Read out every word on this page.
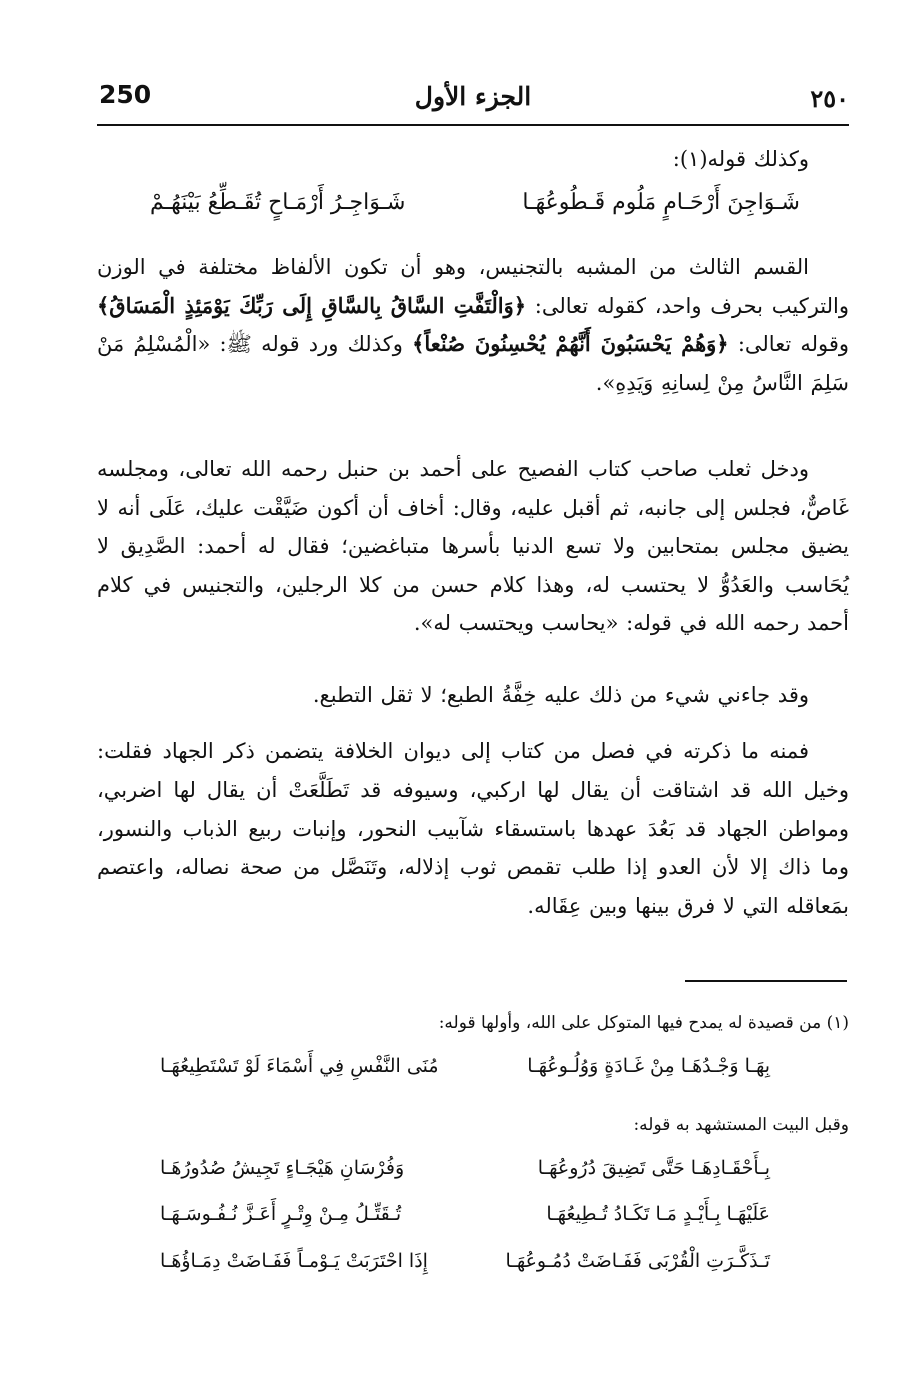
250	الجزء الأول	٢٥٠
وكذلك قوله(١):
شَـوَاجِـرُ أَرْمَـاحٍ تُقَـطِّعُ بَيْنَهُـمْ	شَـوَاجِنَ أَرْحَـامٍ مَلُوم قَـطُوعُهَـا
القسم الثالث من المشبه بالتجنيس، وهو أن تكون الألفاظ مختلفة في الوزن والتركيب بحرف واحد، كقوله تعالى: ﴿وَالْتَفَّتِ السَّاقُ بِالسَّاقِ إِلَى رَبِّكَ يَوْمَئِذٍ الْمَسَاقُ﴾ وقوله تعالى: ﴿وَهُمْ يَحْسَبُونَ أَنَّهُمْ يُحْسِنُونَ صُنْعاً﴾ وكذلك ورد قوله ﷺ: «الْمُسْلِمُ مَنْ سَلِمَ النَّاسُ مِنْ لِسانِهِ وَيَدِهِ».
ودخل ثعلب صاحب كتاب الفصيح على أحمد بن حنبل رحمه الله تعالى، ومجلسه غَاصٌّ، فجلس إلى جانبه، ثم أقبل عليه، وقال: أخاف أن أكون ضَيَّقْت عليك، عَلَى أنه لا يضيق مجلس بمتحابين ولا تسع الدنيا بأسرها متباغضين؛ فقال له أحمد: الصَّدِيق لا يُحَاسب والعَدُوُّ لا يحتسب له، وهذا كلام حسن من كلا الرجلين، والتجنيس في كلام أحمد رحمه الله في قوله: «يحاسب ويحتسب له».
وقد جاءني شيء من ذلك عليه خِفَّةُ الطبع؛ لا ثقل التطبع.
فمنه ما ذكرته في فصل من كتاب إلى ديوان الخلافة يتضمن ذكر الجهاد فقلت: وخيل الله قد اشتاقت أن يقال لها اركبي، وسيوفه قد تَطَلَّعَتْ أن يقال لها اضربي، ومواطن الجهاد قد بَعُدَ عهدها باستسقاء شآبيب النحور، وإنبات ربيع الذباب والنسور، وما ذاك إلا لأن العدو إذا طلب تقمص ثوب إذلاله، وتَنَصَّل من صحة نصاله، واعتصم بمَعاقله التي لا فرق بينها وبين عِقَاله.
(١) من قصيدة له يمدح فيها المتوكل على الله، وأولها قوله:
مُنَى النَّفْسِ فِي أَسْمَاءَ لَوْ تَسْتَطِيعُهَـا	بِهَـا وَجْـدُهَـا مِنْ غَـادَةٍ وَوُلُـوعُهَـا
وقبل البيت المستشهد به قوله:
وَفُرْسَانِ هَيْجَـاءٍ تَجِيشُ صُدُورُهَـا	بِـأَحْقَـادِهَـا حَتَّى تَضِيقَ دُرُوعُهَـا
تُـقَتِّـلُ مِـنْ وِتْـرٍ أَعَـزَّ نُـفُـوسَـهَـا	عَلَيْهَـا بِـأَيْـدٍ مَـا تَكَـادُ تُـطِيعُهَـا
إِذَا احْتَرَبَتْ يَـوْمـاً فَفَـاضَتْ دِمَـاؤُهَـا	تَـذَكَّـرَتِ الْقُرْبَى فَفَـاضَتْ دُمُـوعُهَـا
